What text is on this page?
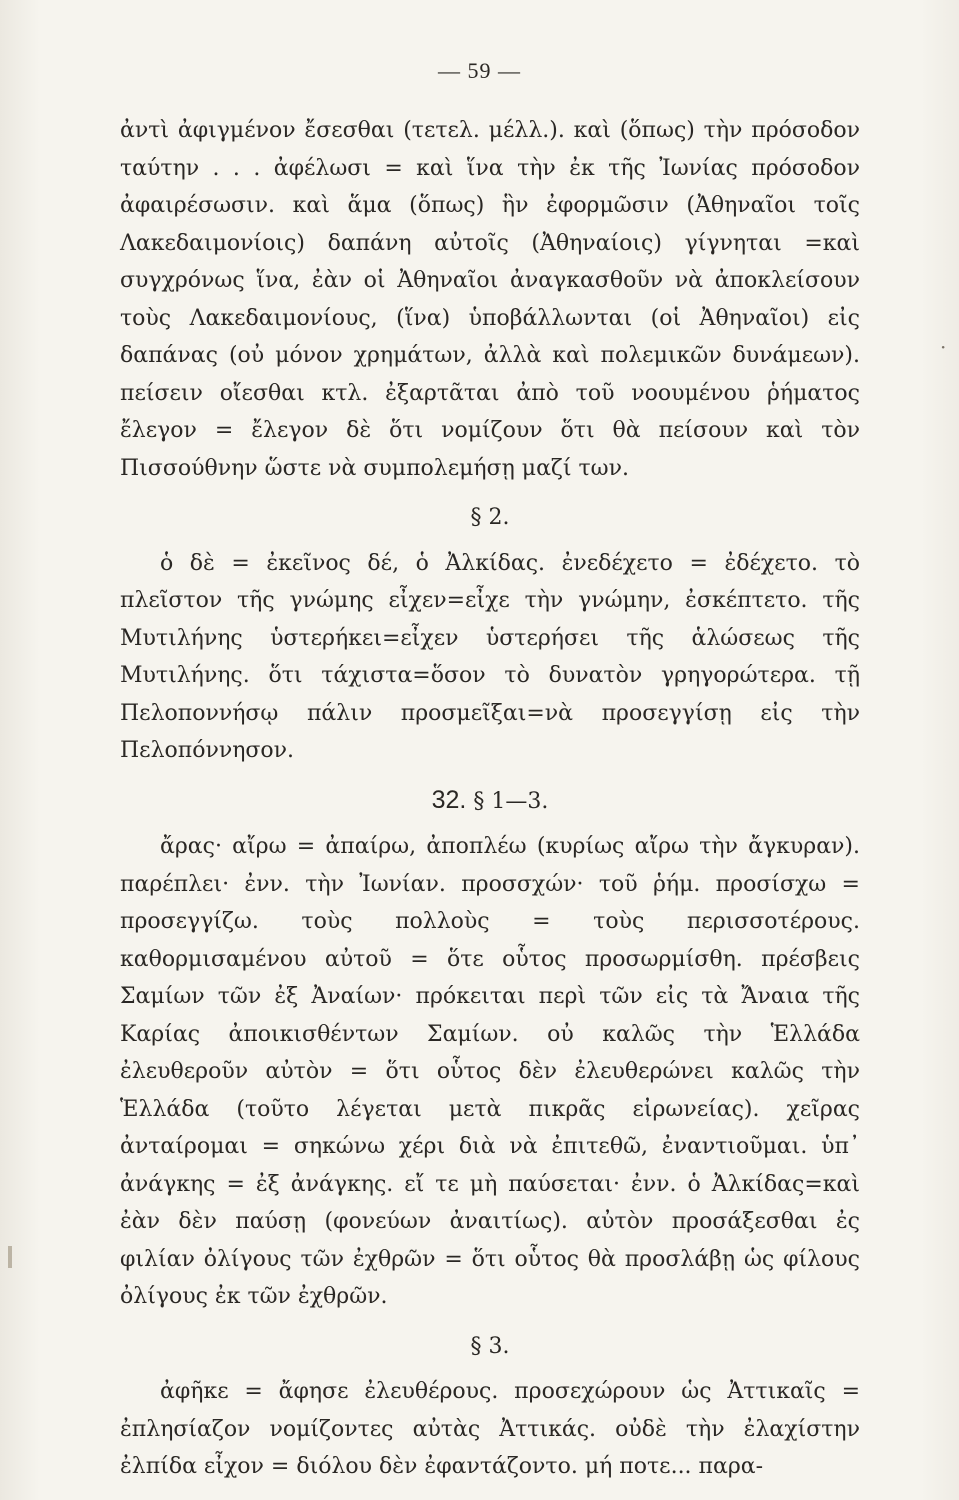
— 59 —
·

ἀντὶ ἀφιγμένον ἔσεσθαι (τετελ. μέλλ.). καὶ (ὅπως) τὴν πρόσοδον ταύτην . . . ἀφέλωσι = καὶ ἵνα τὴν ἐκ τῆς Ἰωνίας πρόσοδον ἀφαιρέσωσιν. καὶ ἅμα (ὅπως) ἣν ἐφορμῶσιν (Ἀθηναῖοι τοῖς Λακεδαιμονίοις) δαπάνη αὐτοῖς (Ἀθηναίοις) γίγνηται =καὶ συγχρόνως ἵνα, ἐὰν οἱ Ἀθηναῖοι ἀναγκασθοῦν νὰ ἀποκλείσουν τοὺς Λακεδαιμονίους, (ἵνα) ὑποβάλλωνται (οἱ Ἀθηναῖοι) εἰς δαπάνας (οὐ μόνον χρημάτων, ἀλλὰ καὶ πολεμικῶν δυνάμεων). πείσειν οἴεσθαι κτλ. ἐξαρτᾶται ἀπὸ τοῦ νοουμένου ῥήματος ἔλεγον = ἔλεγον δὲ ὅτι νομίζουν ὅτι θὰ πείσουν καὶ τὸν Πισσούθνην ὥστε νὰ συμπολεμήσῃ μαζί των.

§ 2.

ὁ δὲ = ἐκεῖνος δέ, ὁ Ἀλκίδας. ἐνεδέχετο = ἐδέχετο. τὸ πλεῖστον τῆς γνώμης εἶχεν=εἶχε τὴν γνώμην, ἐσκέπτετο. τῆς Μυτιλήνης ὑστερήκει=εἶχεν ὑστερήσει τῆς ἁλώσεως τῆς Μυτιλήνης. ὅτι τάχιστα=ὅσον τὸ δυνατὸν γρηγορώτερα. τῇ Πελοποννήσῳ πάλιν προσμεῖξαι=νὰ προσεγγίσῃ εἰς τὴν Πελοπόννησον.

32. § 1—3.

ἄρας· αἴρω = ἀπαίρω, ἀποπλέω (κυρίως αἴρω τὴν ἄγκυραν). παρέπλει· ἐνν. τὴν Ἰωνίαν. προσσχών· τοῦ ῥήμ. προσίσχω = προσεγγίζω. τοὺς πολλοὺς = τοὺς περισσοτέρους. καθορμισαμένου αὐτοῦ = ὅτε οὗτος προσωρμίσθη. πρέσβεις Σαμίων τῶν ἐξ Ἀναίων· πρόκειται περὶ τῶν εἰς τὰ Ἄναια τῆς Καρίας ἀποικισθέντων Σαμίων. οὐ καλῶς τὴν Ἑλλάδα ἐλευθεροῦν αὐτὸν = ὅτι οὗτος δὲν ἐλευθερώνει καλῶς τὴν Ἑλλάδα (τοῦτο λέγεται μετὰ πικρᾶς εἰρωνείας). χεῖρας ἀνταίρομαι = σηκώνω χέρι διὰ νὰ ἐπιτεθῶ, ἐναντιοῦμαι. ὑπ᾽ ἀνάγκης = ἐξ ἀνάγκης. εἴ τε μὴ παύσεται· ἐνν. ὁ Ἀλκίδας=καὶ ἐὰν δὲν παύσῃ (φονεύων ἀναιτίως). αὐτὸν προσάξεσθαι ἐς φιλίαν ὀλίγους τῶν ἐχθρῶν = ὅτι οὗτος θὰ προσλάβῃ ὡς φίλους ὀλίγους ἐκ τῶν ἐχθρῶν.

§ 3.

ἀφῆκε = ἄφησε ἐλευθέρους. προσεχώρουν ὡς Ἀττικαῖς = ἐπλησίαζον νομίζοντες αὐτὰς Ἀττικάς. οὐδὲ τὴν ἐλαχίστην ἐλπίδα εἶχον = διόλου δὲν ἐφαντάζοντο. μή ποτε... παρα-
